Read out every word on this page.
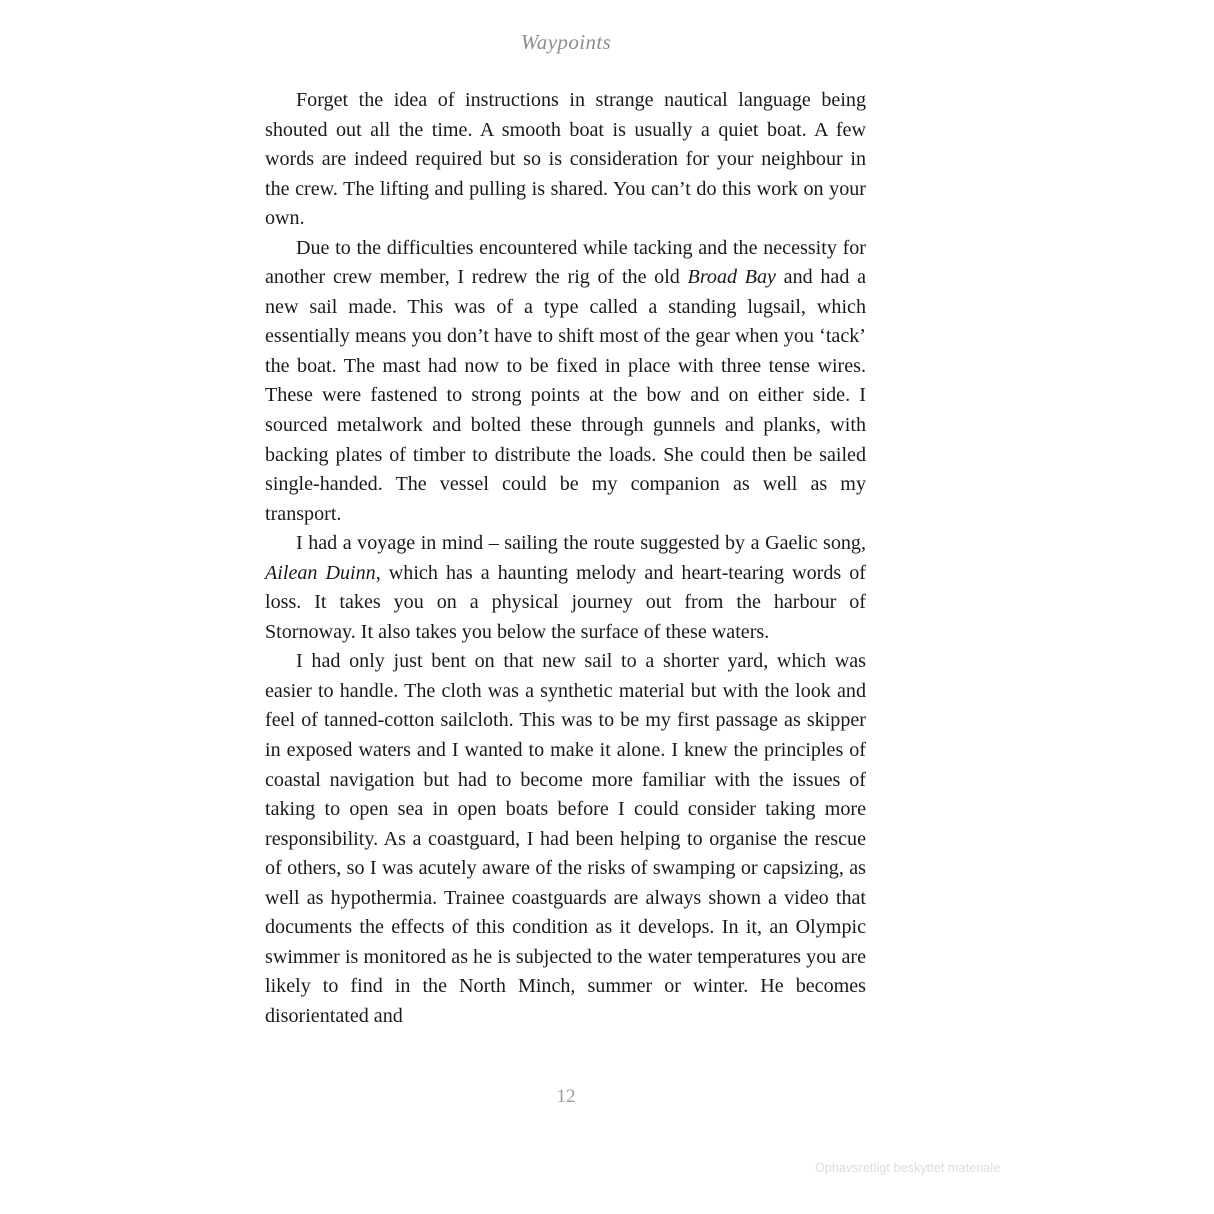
Waypoints

Forget the idea of instructions in strange nautical language being shouted out all the time. A smooth boat is usually a quiet boat. A few words are indeed required but so is consideration for your neighbour in the crew. The lifting and pulling is shared. You can’t do this work on your own.

Due to the difficulties encountered while tacking and the necessity for another crew member, I redrew the rig of the old Broad Bay and had a new sail made. This was of a type called a standing lugsail, which essentially means you don’t have to shift most of the gear when you ‘tack’ the boat. The mast had now to be fixed in place with three tense wires. These were fastened to strong points at the bow and on either side. I sourced metalwork and bolted these through gunnels and planks, with backing plates of timber to distribute the loads. She could then be sailed single-handed. The vessel could be my companion as well as my transport.

I had a voyage in mind – sailing the route suggested by a Gaelic song, Ailean Duinn, which has a haunting melody and heart-tearing words of loss. It takes you on a physical journey out from the harbour of Stornoway. It also takes you below the surface of these waters.

I had only just bent on that new sail to a shorter yard, which was easier to handle. The cloth was a synthetic material but with the look and feel of tanned-cotton sailcloth. This was to be my first passage as skipper in exposed waters and I wanted to make it alone. I knew the principles of coastal navigation but had to become more familiar with the issues of taking to open sea in open boats before I could consider taking more responsibility. As a coastguard, I had been helping to organise the rescue of others, so I was acutely aware of the risks of swamping or capsizing, as well as hypothermia. Trainee coastguards are always shown a video that documents the effects of this condition as it develops. In it, an Olympic swimmer is monitored as he is subjected to the water temperatures you are likely to find in the North Minch, summer or winter. He becomes disorientated and

12
Ophavsretligt beskyttet materiale
